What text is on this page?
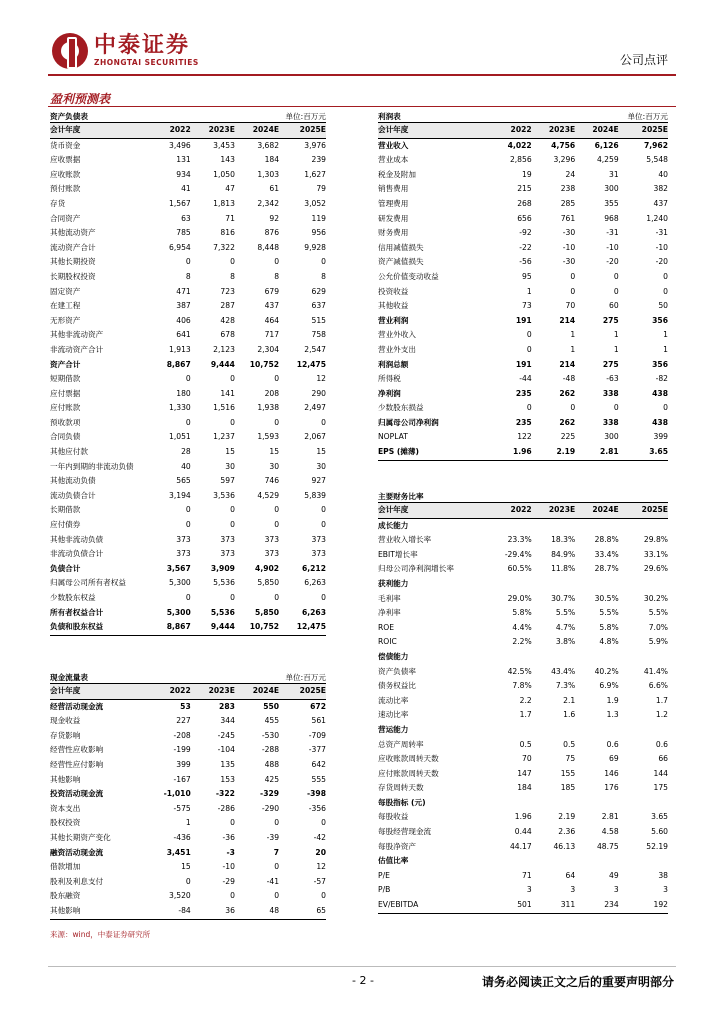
中泰证券
ZHONGTAI SECURITIES	公司点评
盈利预测表
资产负债表	单位:百万元
会计年度	2022	2023E	2024E	2025E
货币资金	3,496	3,453	3,682	3,976
应收票据	131	143	184	239
应收账款	934	1,050	1,303	1,627
预付账款	41	47	61	79
存货	1,567	1,813	2,342	3,052
合同资产	63	71	92	119
其他流动资产	785	816	876	956
流动资产合计	6,954	7,322	8,448	9,928
其他长期投资	0	0	0	0
长期股权投资	8	8	8	8
固定资产	471	723	679	629
在建工程	387	287	437	637
无形资产	406	428	464	515
其他非流动资产	641	678	717	758
非流动资产合计	1,913	2,123	2,304	2,547
资产合计	8,867	9,444	10,752	12,475
短期借款	0	0	0	12
应付票据	180	141	208	290
应付账款	1,330	1,516	1,938	2,497
预收款项	0	0	0	0
合同负债	1,051	1,237	1,593	2,067
其他应付款	28	15	15	15
一年内到期的非流动负债	40	30	30	30
其他流动负债	565	597	746	927
流动负债合计	3,194	3,536	4,529	5,839
长期借款	0	0	0	0
应付债券	0	0	0	0
其他非流动负债	373	373	373	373
非流动负债合计	373	373	373	373
负债合计	3,567	3,909	4,902	6,212
归属母公司所有者权益	5,300	5,536	5,850	6,263
少数股东权益	0	0	0	0
所有者权益合计	5,300	5,536	5,850	6,263
负债和股东权益	8,867	9,444	10,752	12,475
现金流量表	单位:百万元
会计年度	2022	2023E	2024E	2025E
经营活动现金流	53	283	550	672
现金收益	227	344	455	561
存货影响	-208	-245	-530	-709
经营性应收影响	-199	-104	-288	-377
经营性应付影响	399	135	488	642
其他影响	-167	153	425	555
投资活动现金流	-1,010	-322	-329	-398
资本支出	-575	-286	-290	-356
股权投资	1	0	0	0
其他长期资产变化	-436	-36	-39	-42
融资活动现金流	3,451	-3	7	20
借款增加	15	-10	0	12
股利及利息支付	0	-29	-41	-57
股东融资	3,520	0	0	0
其他影响	-84	36	48	65
利润表	单位:百万元
会计年度	2022	2023E	2024E	2025E
营业收入	4,022	4,756	6,126	7,962
营业成本	2,856	3,296	4,259	5,548
税金及附加	19	24	31	40
销售费用	215	238	300	382
管理费用	268	285	355	437
研发费用	656	761	968	1,240
财务费用	-92	-30	-31	-31
信用减值损失	-22	-10	-10	-10
资产减值损失	-56	-30	-20	-20
公允价值变动收益	95	0	0	0
投资收益	1	0	0	0
其他收益	73	70	60	50
营业利润	191	214	275	356
营业外收入	0	1	1	1
营业外支出	0	1	1	1
利润总额	191	214	275	356
所得税	-44	-48	-63	-82
净利润	235	262	338	438
少数股东损益	0	0	0	0
归属母公司净利润	235	262	338	438
NOPLAT	122	225	300	399
EPS (摊薄)	1.96	2.19	2.81	3.65
主要财务比率
会计年度	2022	2023E	2024E	2025E
成长能力				
营业收入增长率	23.3%	18.3%	28.8%	29.8%
EBIT增长率	-29.4%	84.9%	33.4%	33.1%
归母公司净利润增长率	60.5%	11.8%	28.7%	29.6%
获利能力				
毛利率	29.0%	30.7%	30.5%	30.2%
净利率	5.8%	5.5%	5.5%	5.5%
ROE	4.4%	4.7%	5.8%	7.0%
ROIC	2.2%	3.8%	4.8%	5.9%
偿债能力				
资产负债率	42.5%	43.4%	40.2%	41.4%
债务权益比	7.8%	7.3%	6.9%	6.6%
流动比率	2.2	2.1	1.9	1.7
速动比率	1.7	1.6	1.3	1.2
营运能力				
总资产周转率	0.5	0.5	0.6	0.6
应收账款周转天数	70	75	69	66
应付账款周转天数	147	155	146	144
存货周转天数	184	185	176	175
每股指标 (元)				
每股收益	1.96	2.19	2.81	3.65
每股经营现金流	0.44	2.36	4.58	5.60
每股净资产	44.17	46.13	48.75	52.19
估值比率				
P/E	71	64	49	38
P/B	3	3	3	3
EV/EBITDA	501	311	234	192
来源：wind，中泰证券研究所
- 2 -	请务必阅读正文之后的重要声明部分
